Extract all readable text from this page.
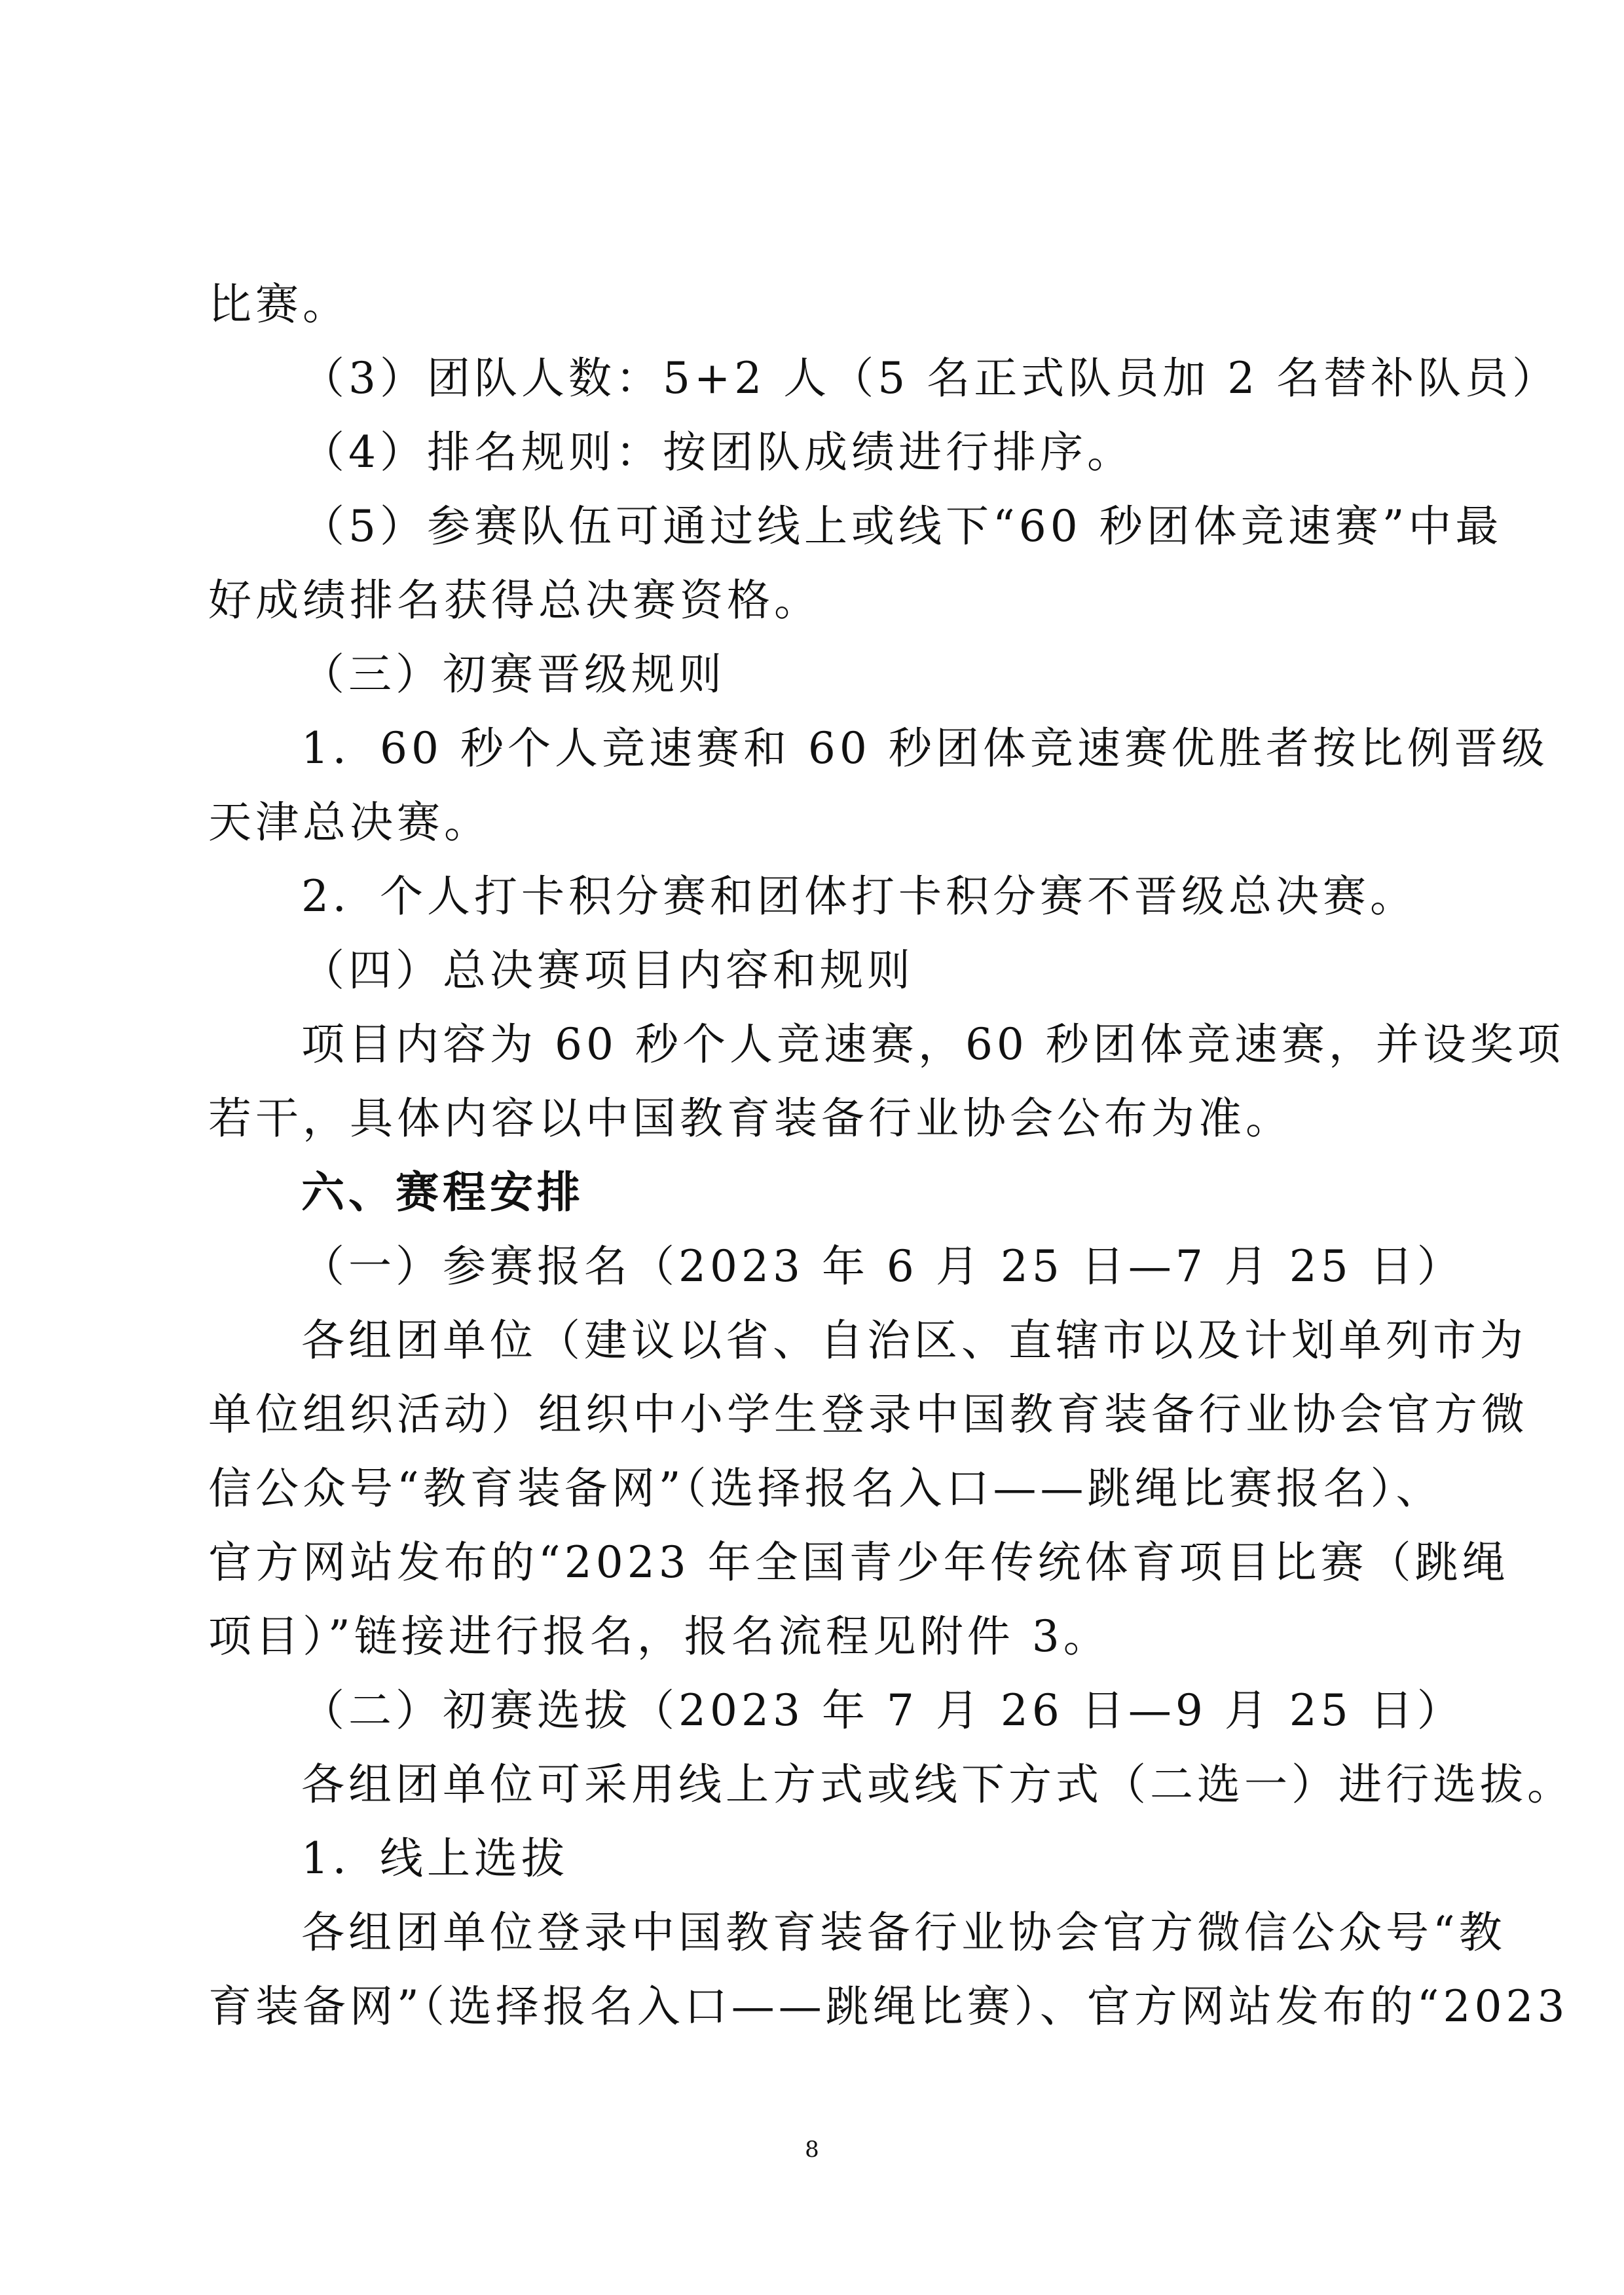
比赛。
（3）团队人数：5+2 人（5 名正式队员加 2 名替补队员）
（4）排名规则：按团队成绩进行排序。
（5）参赛队伍可通过线上或线下“60 秒团体竞速赛”中最
好成绩排名获得总决赛资格。
（三）初赛晋级规则
1．60 秒个人竞速赛和 60 秒团体竞速赛优胜者按比例晋级
天津总决赛。
2．个人打卡积分赛和团体打卡积分赛不晋级总决赛。
（四）总决赛项目内容和规则
项目内容为 60 秒个人竞速赛，60 秒团体竞速赛，并设奖项
若干，具体内容以中国教育装备行业协会公布为准。
六、赛程安排
（一）参赛报名（2023 年 6 月 25 日—7 月 25 日）
各组团单位（建议以省、自治区、直辖市以及计划单列市为
单位组织活动）组织中小学生登录中国教育装备行业协会官方微
信公众号“教育装备网”（选择报名入口——跳绳比赛报名）、
官方网站发布的“2023 年全国青少年传统体育项目比赛（跳绳
项目）”链接进行报名，报名流程见附件 3。
（二）初赛选拔（2023 年 7 月 26 日—9 月 25 日）
各组团单位可采用线上方式或线下方式（二选一）进行选拔。
1．线上选拔
各组团单位登录中国教育装备行业协会官方微信公众号“教
育装备网”（选择报名入口——跳绳比赛）、官方网站发布的“2023
8
